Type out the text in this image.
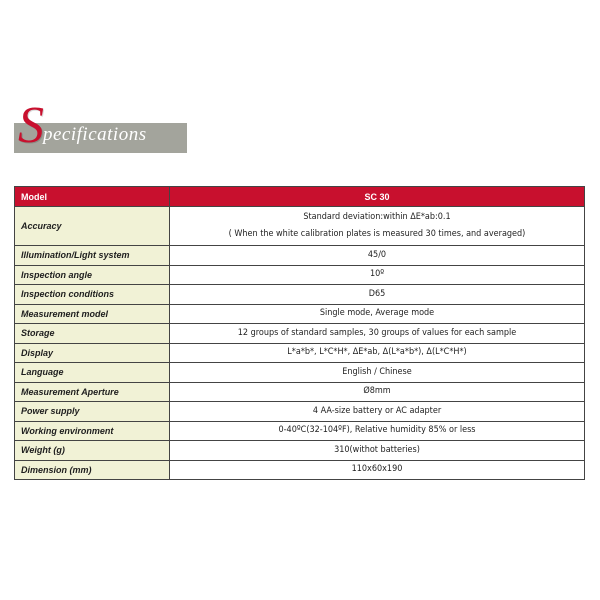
Specifications
Model	SC 30
Accuracy	Standard deviation:within ΔE*ab:0.1
( When the white calibration plates is measured 30 times, and averaged)

Illumination/Light system	45/0

Inspection angle	10º

Inspection conditions	D65

Measurement model	Single mode, Average mode

Storage	12 groups of standard samples, 30 groups of values for each sample

Display	L*a*b*, L*C*H*, ΔE*ab, Δ(L*a*b*), Δ(L*C*H*)

Language	English / Chinese

Measurement Aperture	Ø8mm

Power supply	4 AA-size battery or AC adapter

Working environment	0-40ºC(32-104ºF), Relative humidity 85% or less

Weight (g)	310(withot batteries)

Dimension (mm)	110x60x190
